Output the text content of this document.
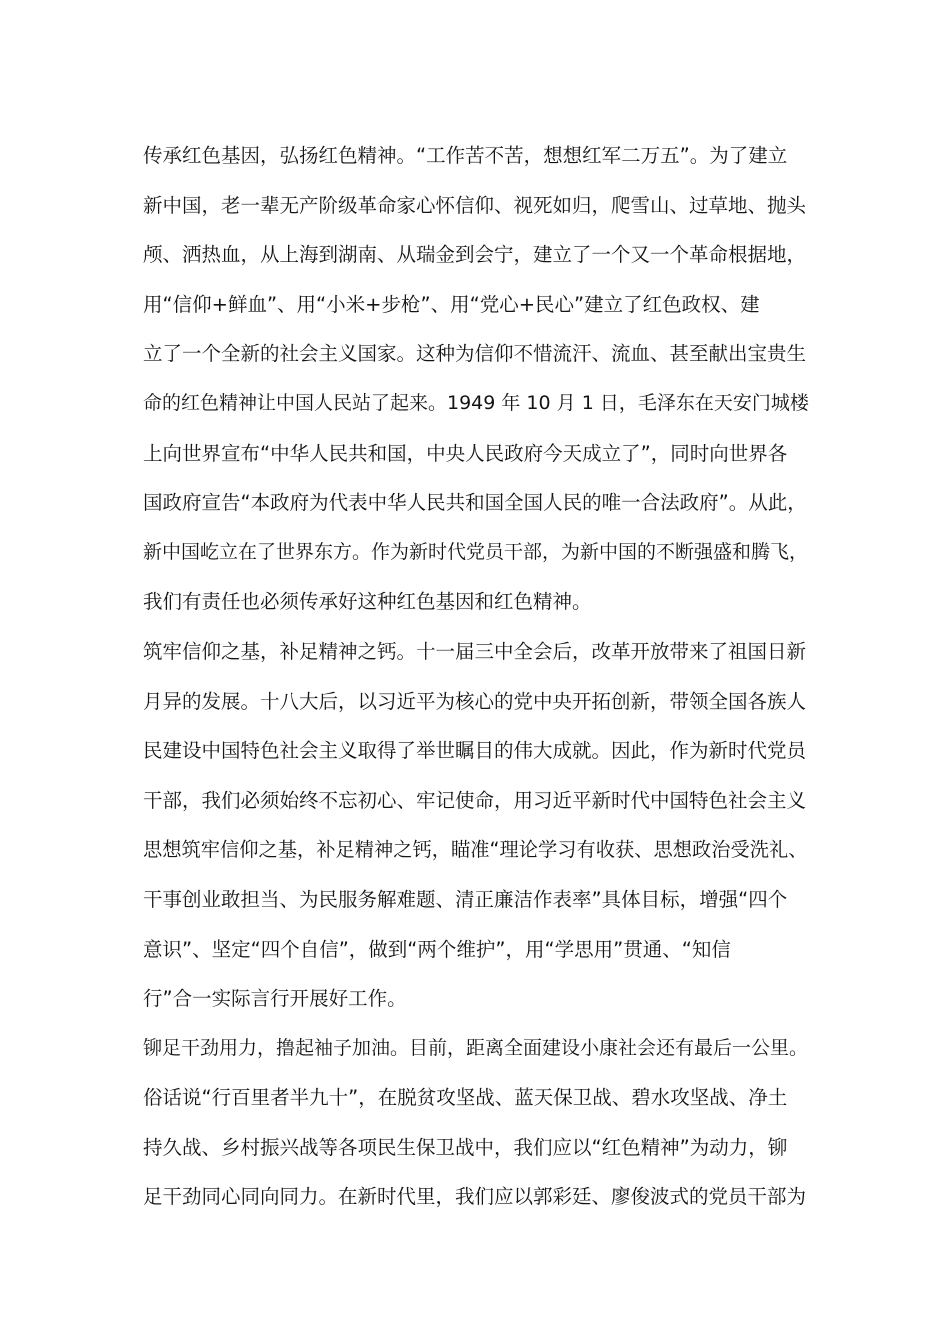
传承红色基因，弘扬红色精神。“工作苦不苦，想想红军二万五”。为了建立
新中国，老一辈无产阶级革命家心怀信仰、视死如归，爬雪山、过草地、抛头
颅、洒热血，从上海到湖南、从瑞金到会宁，建立了一个又一个革命根据地，
用“信仰+鲜血”、用“小米+步枪”、用“党心+民心”建立了红色政权、建
立了一个全新的社会主义国家。这种为信仰不惜流汗、流血、甚至献出宝贵生
命的红色精神让中国人民站了起来。1949 年 10 月 1 日，毛泽东在天安门城楼
上向世界宣布“中华人民共和国，中央人民政府今天成立了”，同时向世界各
国政府宣告“本政府为代表中华人民共和国全国人民的唯一合法政府”。从此，
新中国屹立在了世界东方。作为新时代党员干部，为新中国的不断强盛和腾飞，
我们有责任也必须传承好这种红色基因和红色精神。
筑牢信仰之基，补足精神之钙。十一届三中全会后，改革开放带来了祖国日新
月异的发展。十八大后，以习近平为核心的党中央开拓创新，带领全国各族人
民建设中国特色社会主义取得了举世瞩目的伟大成就。因此，作为新时代党员
干部，我们必须始终不忘初心、牢记使命，用习近平新时代中国特色社会主义
思想筑牢信仰之基，补足精神之钙，瞄准“理论学习有收获、思想政治受洗礼、
干事创业敢担当、为民服务解难题、清正廉洁作表率”具体目标，增强“四个
意识”、坚定“四个自信”，做到“两个维护”，用“学思用”贯通、“知信
行”合一实际言行开展好工作。
铆足干劲用力，撸起袖子加油。目前，距离全面建设小康社会还有最后一公里。
俗话说“行百里者半九十”，在脱贫攻坚战、蓝天保卫战、碧水攻坚战、净土
持久战、乡村振兴战等各项民生保卫战中，我们应以“红色精神”为动力，铆
足干劲同心同向同力。在新时代里，我们应以郭彩廷、廖俊波式的党员干部为
